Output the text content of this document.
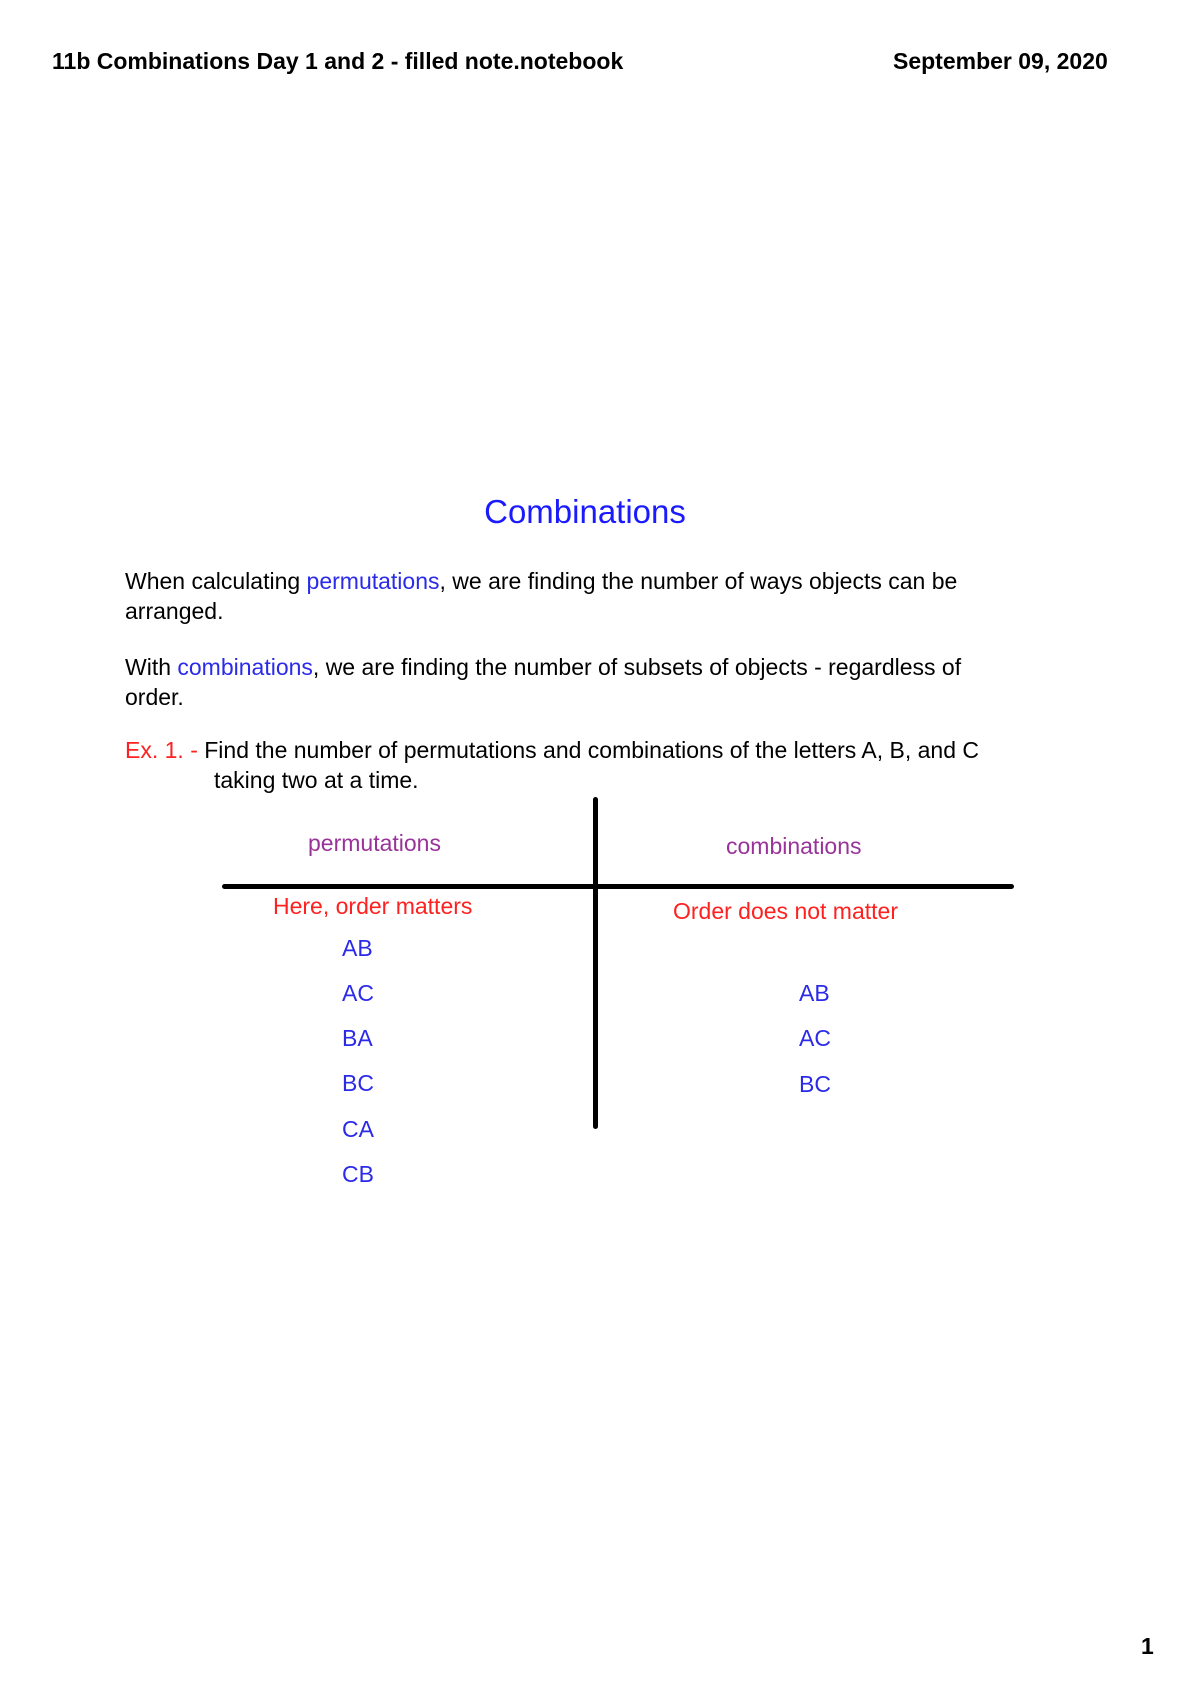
11b Combinations Day 1 and 2 - filled note.notebook	September 09, 2020
Combinations
When calculating permutations, we are finding the number of ways objects can be
arranged.
With combinations, we are finding the number of subsets of objects - regardless of
order.
Ex. 1. - Find the number of permutations and combinations of the letters A, B, and C
taking two at a time.
permutations
Here, order matters
AB
AC
BA
BC
CA
CB
combinations
Order does not matter
AB
AC
BC
1
